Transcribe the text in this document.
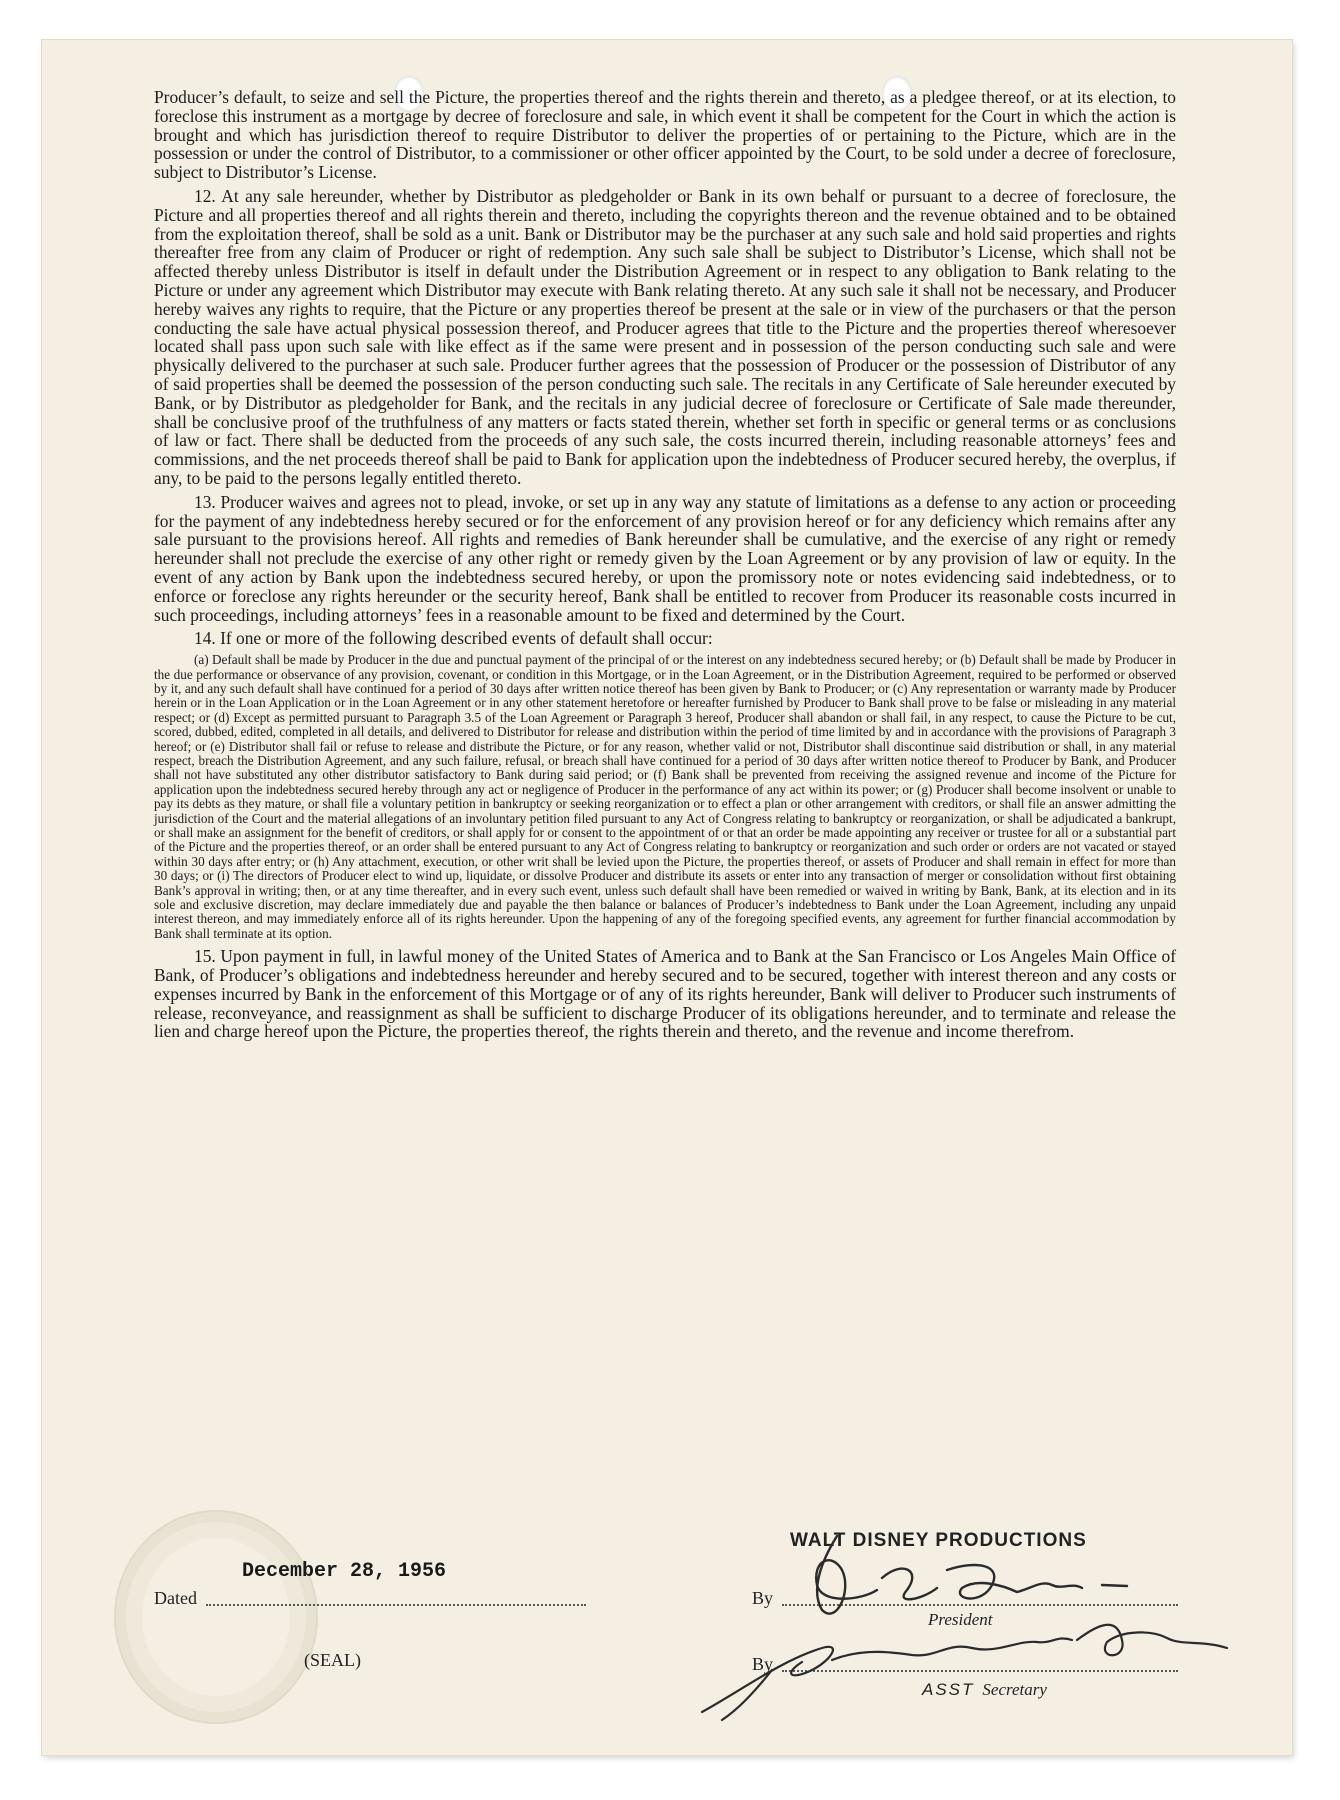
Producer’s default, to seize and sell the Picture, the properties thereof and the rights therein and thereto, as a pledgee thereof, or at its election, to foreclose this instrument as a mortgage by decree of foreclosure and sale, in which event it shall be competent for the Court in which the action is brought and which has jurisdiction thereof to require Distributor to deliver the properties of or pertaining to the Picture, which are in the possession or under the control of Distributor, to a commissioner or other officer appointed by the Court, to be sold under a decree of foreclosure, subject to Distributor’s License.

12. At any sale hereunder, whether by Distributor as pledgeholder or Bank in its own behalf or pursuant to a decree of foreclosure, the Picture and all properties thereof and all rights therein and thereto, including the copyrights thereon and the revenue obtained and to be obtained from the exploitation thereof, shall be sold as a unit. Bank or Distributor may be the purchaser at any such sale and hold said properties and rights thereafter free from any claim of Producer or right of redemption. Any such sale shall be subject to Distributor’s License, which shall not be affected thereby unless Distributor is itself in default under the Distribution Agreement or in respect to any obligation to Bank relating to the Picture or under any agreement which Distributor may execute with Bank relating thereto. At any such sale it shall not be necessary, and Producer hereby waives any rights to require, that the Picture or any properties thereof be present at the sale or in view of the purchasers or that the person conducting the sale have actual physical possession thereof, and Producer agrees that title to the Picture and the properties thereof wheresoever located shall pass upon such sale with like effect as if the same were present and in possession of the person conducting such sale and were physically delivered to the purchaser at such sale. Producer further agrees that the possession of Producer or the possession of Distributor of any of said properties shall be deemed the possession of the person conducting such sale. The recitals in any Certificate of Sale hereunder executed by Bank, or by Distributor as pledgeholder for Bank, and the recitals in any judicial decree of foreclosure or Certificate of Sale made thereunder, shall be conclusive proof of the truthfulness of any matters or facts stated therein, whether set forth in specific or general terms or as conclusions of law or fact. There shall be deducted from the proceeds of any such sale, the costs incurred therein, including reasonable attorneys’ fees and commissions, and the net proceeds thereof shall be paid to Bank for application upon the indebtedness of Producer secured hereby, the overplus, if any, to be paid to the persons legally entitled thereto.

13. Producer waives and agrees not to plead, invoke, or set up in any way any statute of limitations as a defense to any action or proceeding for the payment of any indebtedness hereby secured or for the enforcement of any provision hereof or for any deficiency which remains after any sale pursuant to the provisions hereof. All rights and remedies of Bank hereunder shall be cumulative, and the exercise of any right or remedy hereunder shall not preclude the exercise of any other right or remedy given by the Loan Agreement or by any provision of law or equity. In the event of any action by Bank upon the indebtedness secured hereby, or upon the promissory note or notes evidencing said indebtedness, or to enforce or foreclose any rights hereunder or the security hereof, Bank shall be entitled to recover from Producer its reasonable costs incurred in such proceedings, including attorneys’ fees in a reasonable amount to be fixed and determined by the Court.

14. If one or more of the following described events of default shall occur:

(a) Default shall be made by Producer in the due and punctual payment of the principal of or the interest on any indebtedness secured hereby; or (b) Default shall be made by Producer in the due performance or observance of any provision, covenant, or condition in this Mortgage, or in the Loan Agreement, or in the Distribution Agreement, required to be performed or observed by it, and any such default shall have continued for a period of 30 days after written notice thereof has been given by Bank to Producer; or (c) Any representation or warranty made by Producer herein or in the Loan Application or in the Loan Agreement or in any other statement heretofore or hereafter furnished by Producer to Bank shall prove to be false or misleading in any material respect; or (d) Except as permitted pursuant to Paragraph 3.5 of the Loan Agreement or Paragraph 3 hereof, Producer shall abandon or shall fail, in any respect, to cause the Picture to be cut, scored, dubbed, edited, completed in all details, and delivered to Distributor for release and distribution within the period of time limited by and in accordance with the provisions of Paragraph 3 hereof; or (e) Distributor shall fail or refuse to release and distribute the Picture, or for any reason, whether valid or not, Distributor shall discontinue said distribution or shall, in any material respect, breach the Distribution Agreement, and any such failure, refusal, or breach shall have continued for a period of 30 days after written notice thereof to Producer by Bank, and Producer shall not have substituted any other distributor satisfactory to Bank during said period; or (f) Bank shall be prevented from receiving the assigned revenue and income of the Picture for application upon the indebtedness secured hereby through any act or negligence of Producer in the performance of any act within its power; or (g) Producer shall become insolvent or unable to pay its debts as they mature, or shall file a voluntary petition in bankruptcy or seeking reorganization or to effect a plan or other arrangement with creditors, or shall file an answer admitting the jurisdiction of the Court and the material allegations of an involuntary petition filed pursuant to any Act of Congress relating to bankruptcy or reorganization, or shall be adjudicated a bankrupt, or shall make an assignment for the benefit of creditors, or shall apply for or consent to the appointment of or that an order be made appointing any receiver or trustee for all or a substantial part of the Picture and the properties thereof, or an order shall be entered pursuant to any Act of Congress relating to bankruptcy or reorganization and such order or orders are not vacated or stayed within 30 days after entry; or (h) Any attachment, execution, or other writ shall be levied upon the Picture, the properties thereof, or assets of Producer and shall remain in effect for more than 30 days; or (i) The directors of Producer elect to wind up, liquidate, or dissolve Producer and distribute its assets or enter into any transaction of merger or consolidation without first obtaining Bank’s approval in writing; then, or at any time thereafter, and in every such event, unless such default shall have been remedied or waived in writing by Bank, Bank, at its election and in its sole and exclusive discretion, may declare immediately due and payable the then balance or balances of Producer’s indebtedness to Bank under the Loan Agreement, including any unpaid interest thereon, and may immediately enforce all of its rights hereunder. Upon the happening of any of the foregoing specified events, any agreement for further financial accommodation by Bank shall terminate at its option.

15. Upon payment in full, in lawful money of the United States of America and to Bank at the San Francisco or Los Angeles Main Office of Bank, of Producer’s obligations and indebtedness hereunder and hereby secured and to be secured, together with interest thereon and any costs or expenses incurred by Bank in the enforcement of this Mortgage or of any of its rights hereunder, Bank will deliver to Producer such instruments of release, reconveyance, and reassignment as shall be sufficient to discharge Producer of its obligations hereunder, and to terminate and release the lien and charge hereof upon the Picture, the properties thereof, the rights therein and thereto, and the revenue and income therefrom.

WALT DISNEY PRODUCTIONS
December 28, 1956
Dated
(SEAL)
By
President
By
ASST Secretary
